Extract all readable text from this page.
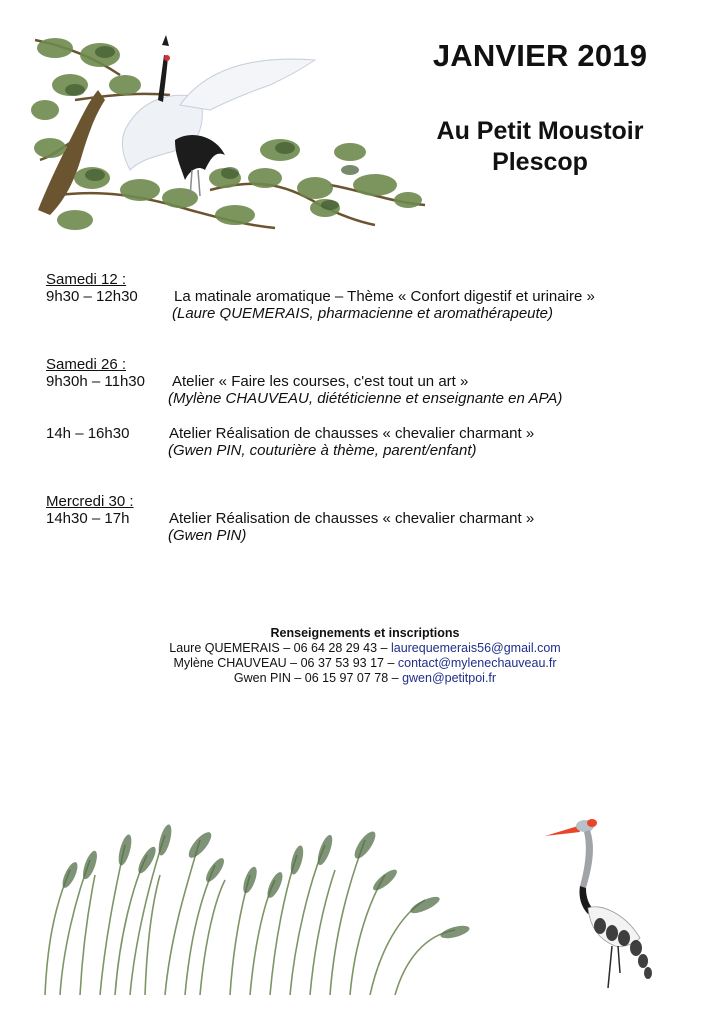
JANVIER 2019
Au Petit Moustoir
Plescop
Samedi 12 :
9h30 – 12h30 La matinale aromatique – Thème « Confort digestif et urinaire »
(Laure QUEMERAIS, pharmacienne et aromathérapeute)
Samedi 26 :
9h30h – 11h30 Atelier « Faire les courses, c'est tout un art »
(Mylène CHAUVEAU, diététicienne et enseignante en APA)
14h – 16h30	Atelier Réalisation de chausses « chevalier charmant »
(Gwen PIN, couturière à thème, parent/enfant)
Mercredi 30 :
14h30 – 17h	Atelier Réalisation de chausses « chevalier charmant »
(Gwen PIN)
Renseignements et inscriptions
Laure QUEMERAIS – 06 64 28 29 43 – laurequemerais56@gmail.com
Mylène CHAUVEAU – 06 37 53 93 17 – contact@mylenechauveau.fr
Gwen PIN – 06 15 97 07 78 – gwen@petitpoi.fr
